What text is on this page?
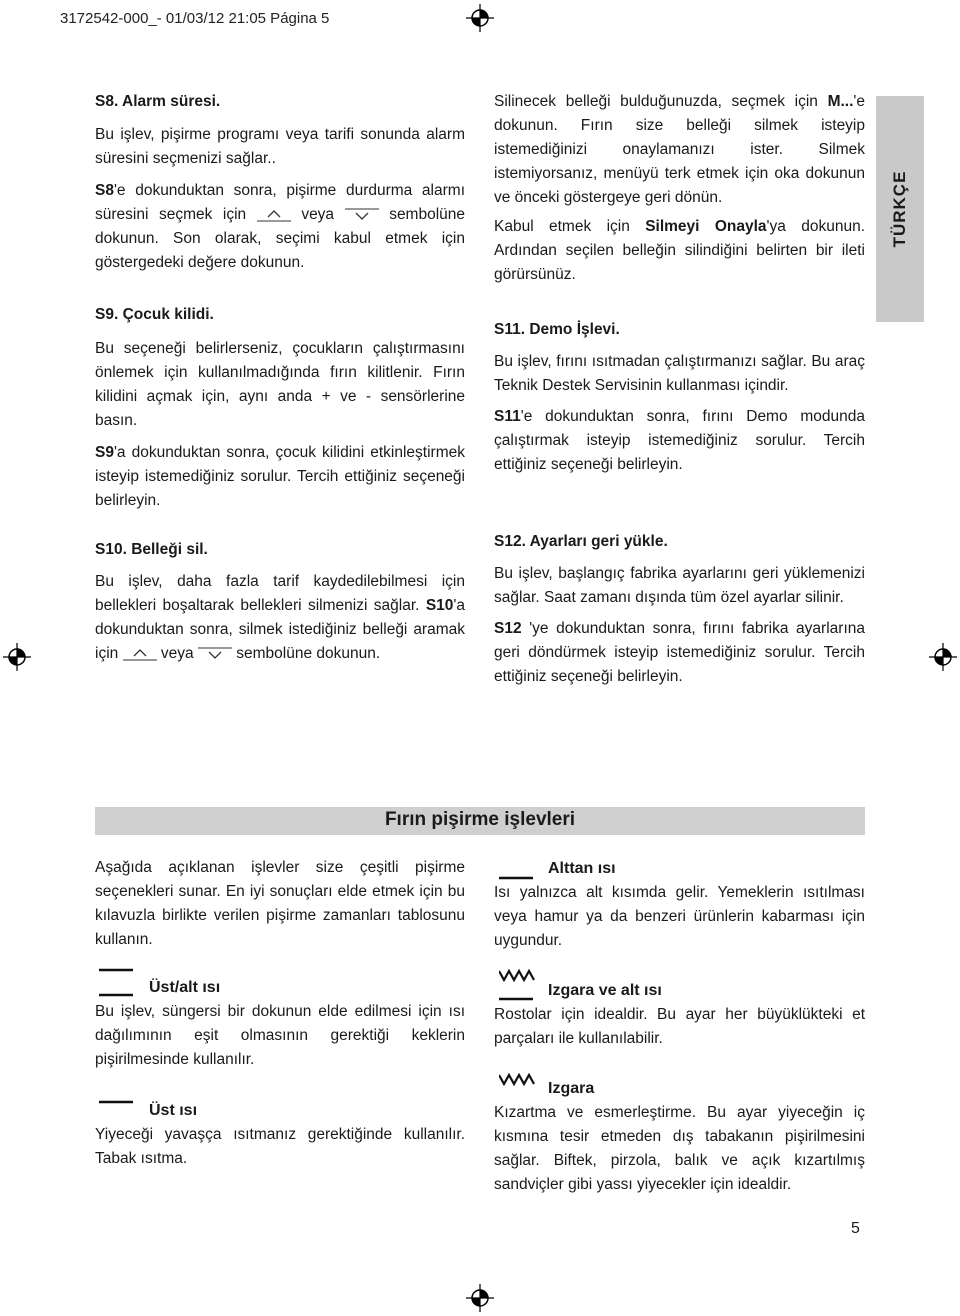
3172542-000_- 01/03/12 21:05 Página 5
TÜRKÇE

S8. Alarm süresi.

Bu işlev, pişirme programı veya tarifi sonunda alarm süresini seçmenizi sağlar..

S8'e dokunduktan sonra, pişirme durdurma alarmı süresini seçmek için	veya	sembolüne dokunun. Son olarak, seçimi kabul etmek için göstergedeki değere dokunun.

S9. Çocuk kilidi.

Bu seçeneği belirlerseniz, çocukların çalıştırmasını önlemek için kullanılmadığında fırın kilitlenir. Fırın kilidini açmak için, aynı anda + ve - sensörlerine basın.

S9'a dokunduktan sonra, çocuk kilidini etkinleştirmek isteyip istemediğiniz sorulur. Tercih ettiğiniz seçeneği belirleyin.

S10. Belleği sil.

Bu işlev, daha fazla tarif kaydedilebilmesi için bellekleri boşaltarak bellekleri silmenizi sağlar. S10'a dokunduktan sonra, silmek istediğiniz belleği aramak için	veya	sembolüne dokunun.

Silinecek belleği bulduğunuzda, seçmek için M...'e dokunun. Fırın size belleği silmek isteyip istemediğinizi onaylamanızı ister. Silmek istemiyorsanız, menüyü terk etmek için oka dokunun ve önceki göstergeye geri dönün.

Kabul etmek için Silmeyi Onayla'ya dokunun. Ardından seçilen belleğin silindiğini belirten bir ileti görürsünüz.

S11. Demo İşlevi.

Bu işlev, fırını ısıtmadan çalıştırmanızı sağlar. Bu araç Teknik Destek Servisinin kullanması içindir.

S11'e dokunduktan sonra, fırını Demo modunda çalıştırmak isteyip istemediğiniz sorulur. Tercih ettiğiniz seçeneği belirleyin.

S12. Ayarları geri yükle.

Bu işlev, başlangıç fabrika ayarlarını geri yüklemenizi sağlar. Saat zamanı dışında tüm özel ayarlar silinir.

S12 'ye dokunduktan sonra, fırını fabrika ayarlarına geri döndürmek isteyip istemediğiniz sorulur. Tercih ettiğiniz seçeneği belirleyin.

Fırın pişirme işlevleri

Aşağıda açıklanan işlevler size çeşitli pişirme seçenekleri sunar. En iyi sonuçları elde etmek için bu kılavuzla birlikte verilen pişirme zamanları tablosunu kullanın.

Üst/alt ısı

Bu işlev, süngersi bir dokunun elde edilmesi için ısı dağılımının eşit olmasının gerektiği keklerin pişirilmesinde kullanılır.

Üst ısı

Yiyeceği yavaşça ısıtmanız gerektiğinde kullanılır. Tabak ısıtma.

Alttan ısı

Isı yalnızca alt kısımda gelir. Yemeklerin ısıtılması veya hamur ya da benzeri ürünlerin kabarması için uygundur.

Izgara ve alt ısı

Rostolar için idealdir. Bu ayar her büyüklükteki et parçaları ile kullanılabilir.

Izgara

Kızartma ve esmerleştirme. Bu ayar yiyeceğin iç kısmına tesir etmeden dış tabakanın pişirilmesini sağlar. Biftek, pirzola, balık ve açık kızartılmış sandviçler gibi yassı yiyecekler için idealdir.

5
